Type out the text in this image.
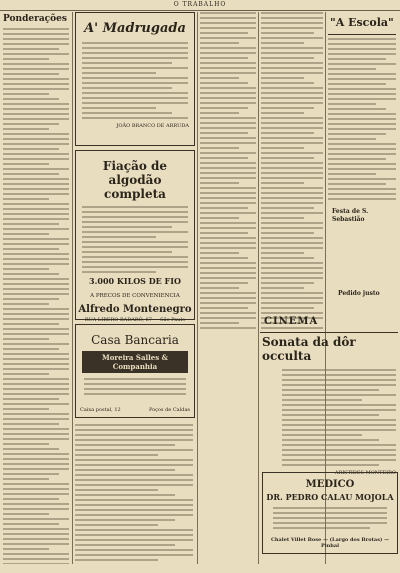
O TRABALHO
Ponderações
A' Madrugada
JOÃO BRANCO DE ARRUDA
Fiação de algodão
completa
3.000 KILOS DE FIO
A PRECOS DE CONVENIENCIA
Alfredo Montenegro
RUA LIBERO BADARÓ, 67 — São Paulo
Casa Bancaria
Moreira Salles & Companhia
Caixa postal, 12	Poços de Caldas
"A Escola"
Festa de S. Sebastião
Pedido justo
CINEMA
Sonata da dôr occulta
ARISTIDES MONTEIRO
MEDICO
DR. PEDRO CALAU MOJOLA
Chalet Villet Bose — (Largo dos Brotas) — Pinhal
